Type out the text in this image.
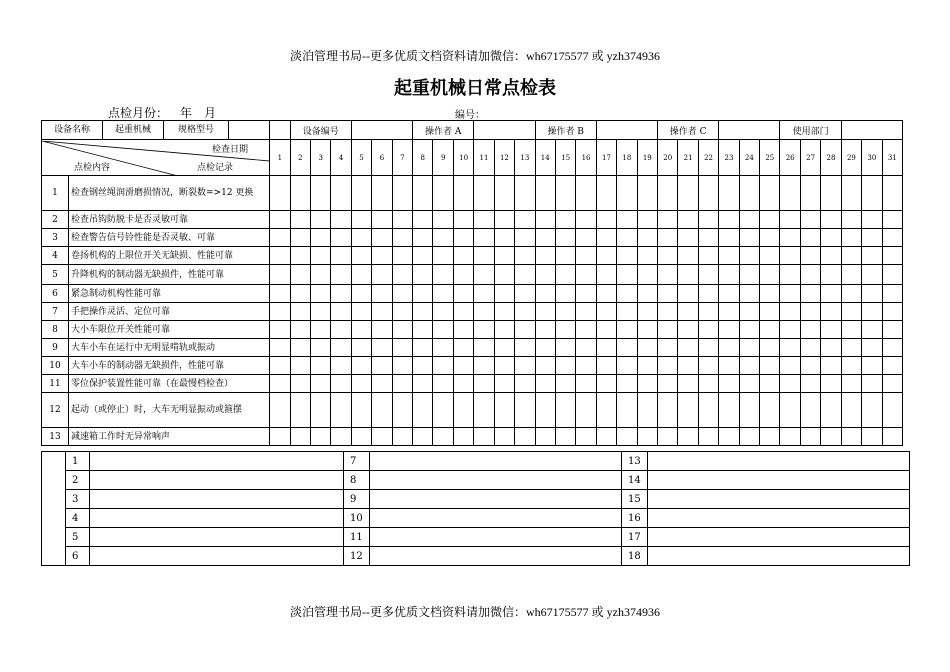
淡泊管理书局--更多优质文档资料请加微信：wh67175577 或 yzh374936
起重机械日常点检表
点检月份： 年 月	编号：
设备名称 起重机械 规格型号			设备编号						操作者 A						操作者 B						操作者 C						使用部门					

检查日期
点检内容 点检记录		1	2	3	4	5	6	7	8	9	10	11	12	13	14	15	16	17	18	19	20	21	22	23	24	25	26	27	28	29	30	31
1	检查钢丝绳润滑磨损情况，断裂数=>12 更换																															
2	检查吊钩防脱卡是否灵敏可靠																															
3	检查警告信号铃性能是否灵敏、可靠																															
4	卷扬机构的上限位开关无缺损、性能可靠																															
5	升降机构的制动器无缺损件，性能可靠																															
6	紧急制动机构性能可靠																															
7	手把操作灵活、定位可靠																															
8	大小车限位开关性能可靠																															
9	大车小车在运行中无明显啃轨或振动																															
10	大车小车的制动器无缺损件，性能可靠																															
11	零位保护装置性能可靠（在最慢档检查）																															
12	起动（或停止）时，大车无明显振动或箍摆																															
13	减速箱工作时无异常响声																															
	1		7		13	
	2		8		14	
	3		9		15	
	4		10		16	
	5		11		17	
	6		12		18	
淡泊管理书局--更多优质文档资料请加微信：wh67175577 或 yzh374936
